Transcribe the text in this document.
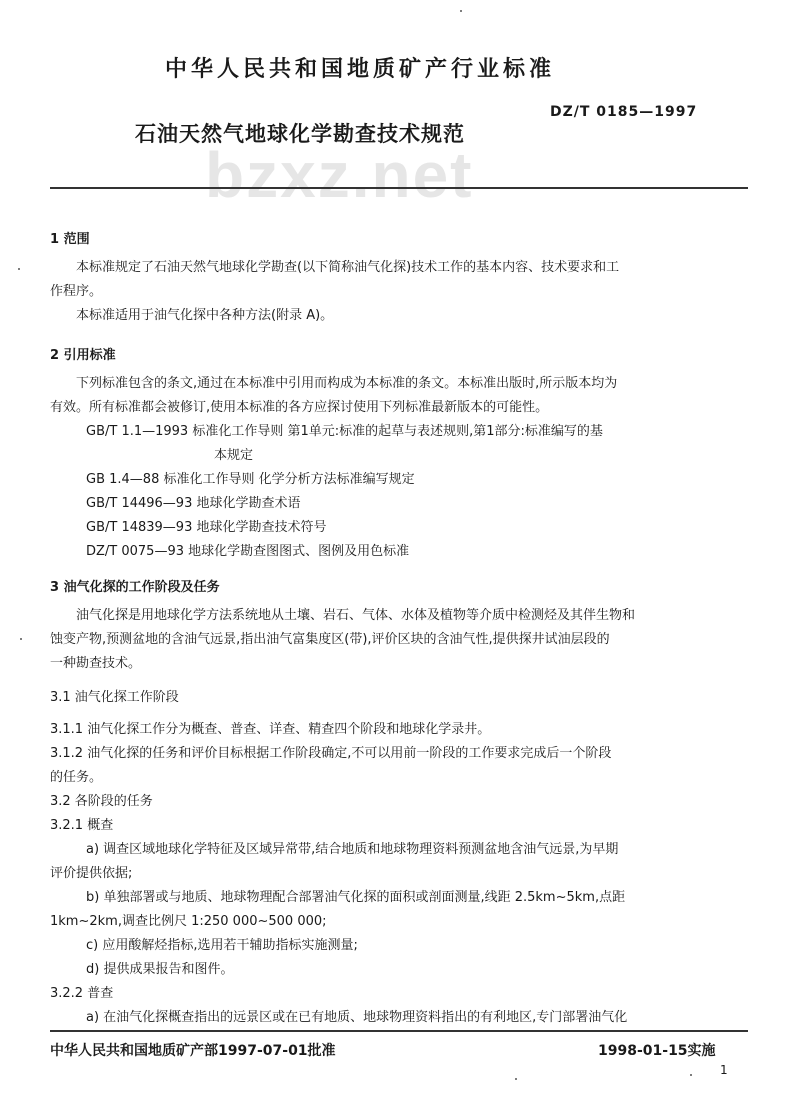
bzxz.net
中华人民共和国地质矿产行业标准
石油天然气地球化学勘查技术规范
DZ/T 0185—1997
1 范围
本标准规定了石油天然气地球化学勘查(以下简称油气化探)技术工作的基本内容、技术要求和工
作程序。
本标准适用于油气化探中各种方法(附录 A)。
2 引用标准
下列标准包含的条文,通过在本标准中引用而构成为本标准的条文。本标准出版时,所示版本均为
有效。所有标准都会被修订,使用本标准的各方应探讨使用下列标准最新版本的可能性。
GB/T 1.1—1993 标准化工作导则 第1单元:标准的起草与表述规则,第1部分:标准编写的基
本规定
GB 1.4—88 标准化工作导则 化学分析方法标准编写规定
GB/T 14496—93 地球化学勘查术语
GB/T 14839—93 地球化学勘查技术符号
DZ/T 0075—93 地球化学勘查图图式、图例及用色标准
3 油气化探的工作阶段及任务
油气化探是用地球化学方法系统地从土壤、岩石、气体、水体及植物等介质中检测烃及其伴生物和
蚀变产物,预测盆地的含油气远景,指出油气富集度区(带),评价区块的含油气性,提供探井试油层段的
一种勘查技术。
3.1 油气化探工作阶段
3.1.1 油气化探工作分为概查、普查、详查、精查四个阶段和地球化学录井。
3.1.2 油气化探的任务和评价目标根据工作阶段确定,不可以用前一阶段的工作要求完成后一个阶段
的任务。
3.2 各阶段的任务
3.2.1 概查
a) 调查区域地球化学特征及区域异常带,结合地质和地球物理资料预测盆地含油气远景,为早期
评价提供依据;
b) 单独部署或与地质、地球物理配合部署油气化探的面积或剖面测量,线距 2.5km~5km,点距
1km~2km,调查比例尺 1:250 000~500 000;
c) 应用酸解烃指标,选用若干辅助指标实施测量;
d) 提供成果报告和图件。
3.2.2 普查
a) 在油气化探概查指出的远景区或在已有地质、地球物理资料指出的有利地区,专门部署油气化
中华人民共和国地质矿产部1997-07-01批准	1998-01-15实施
1
